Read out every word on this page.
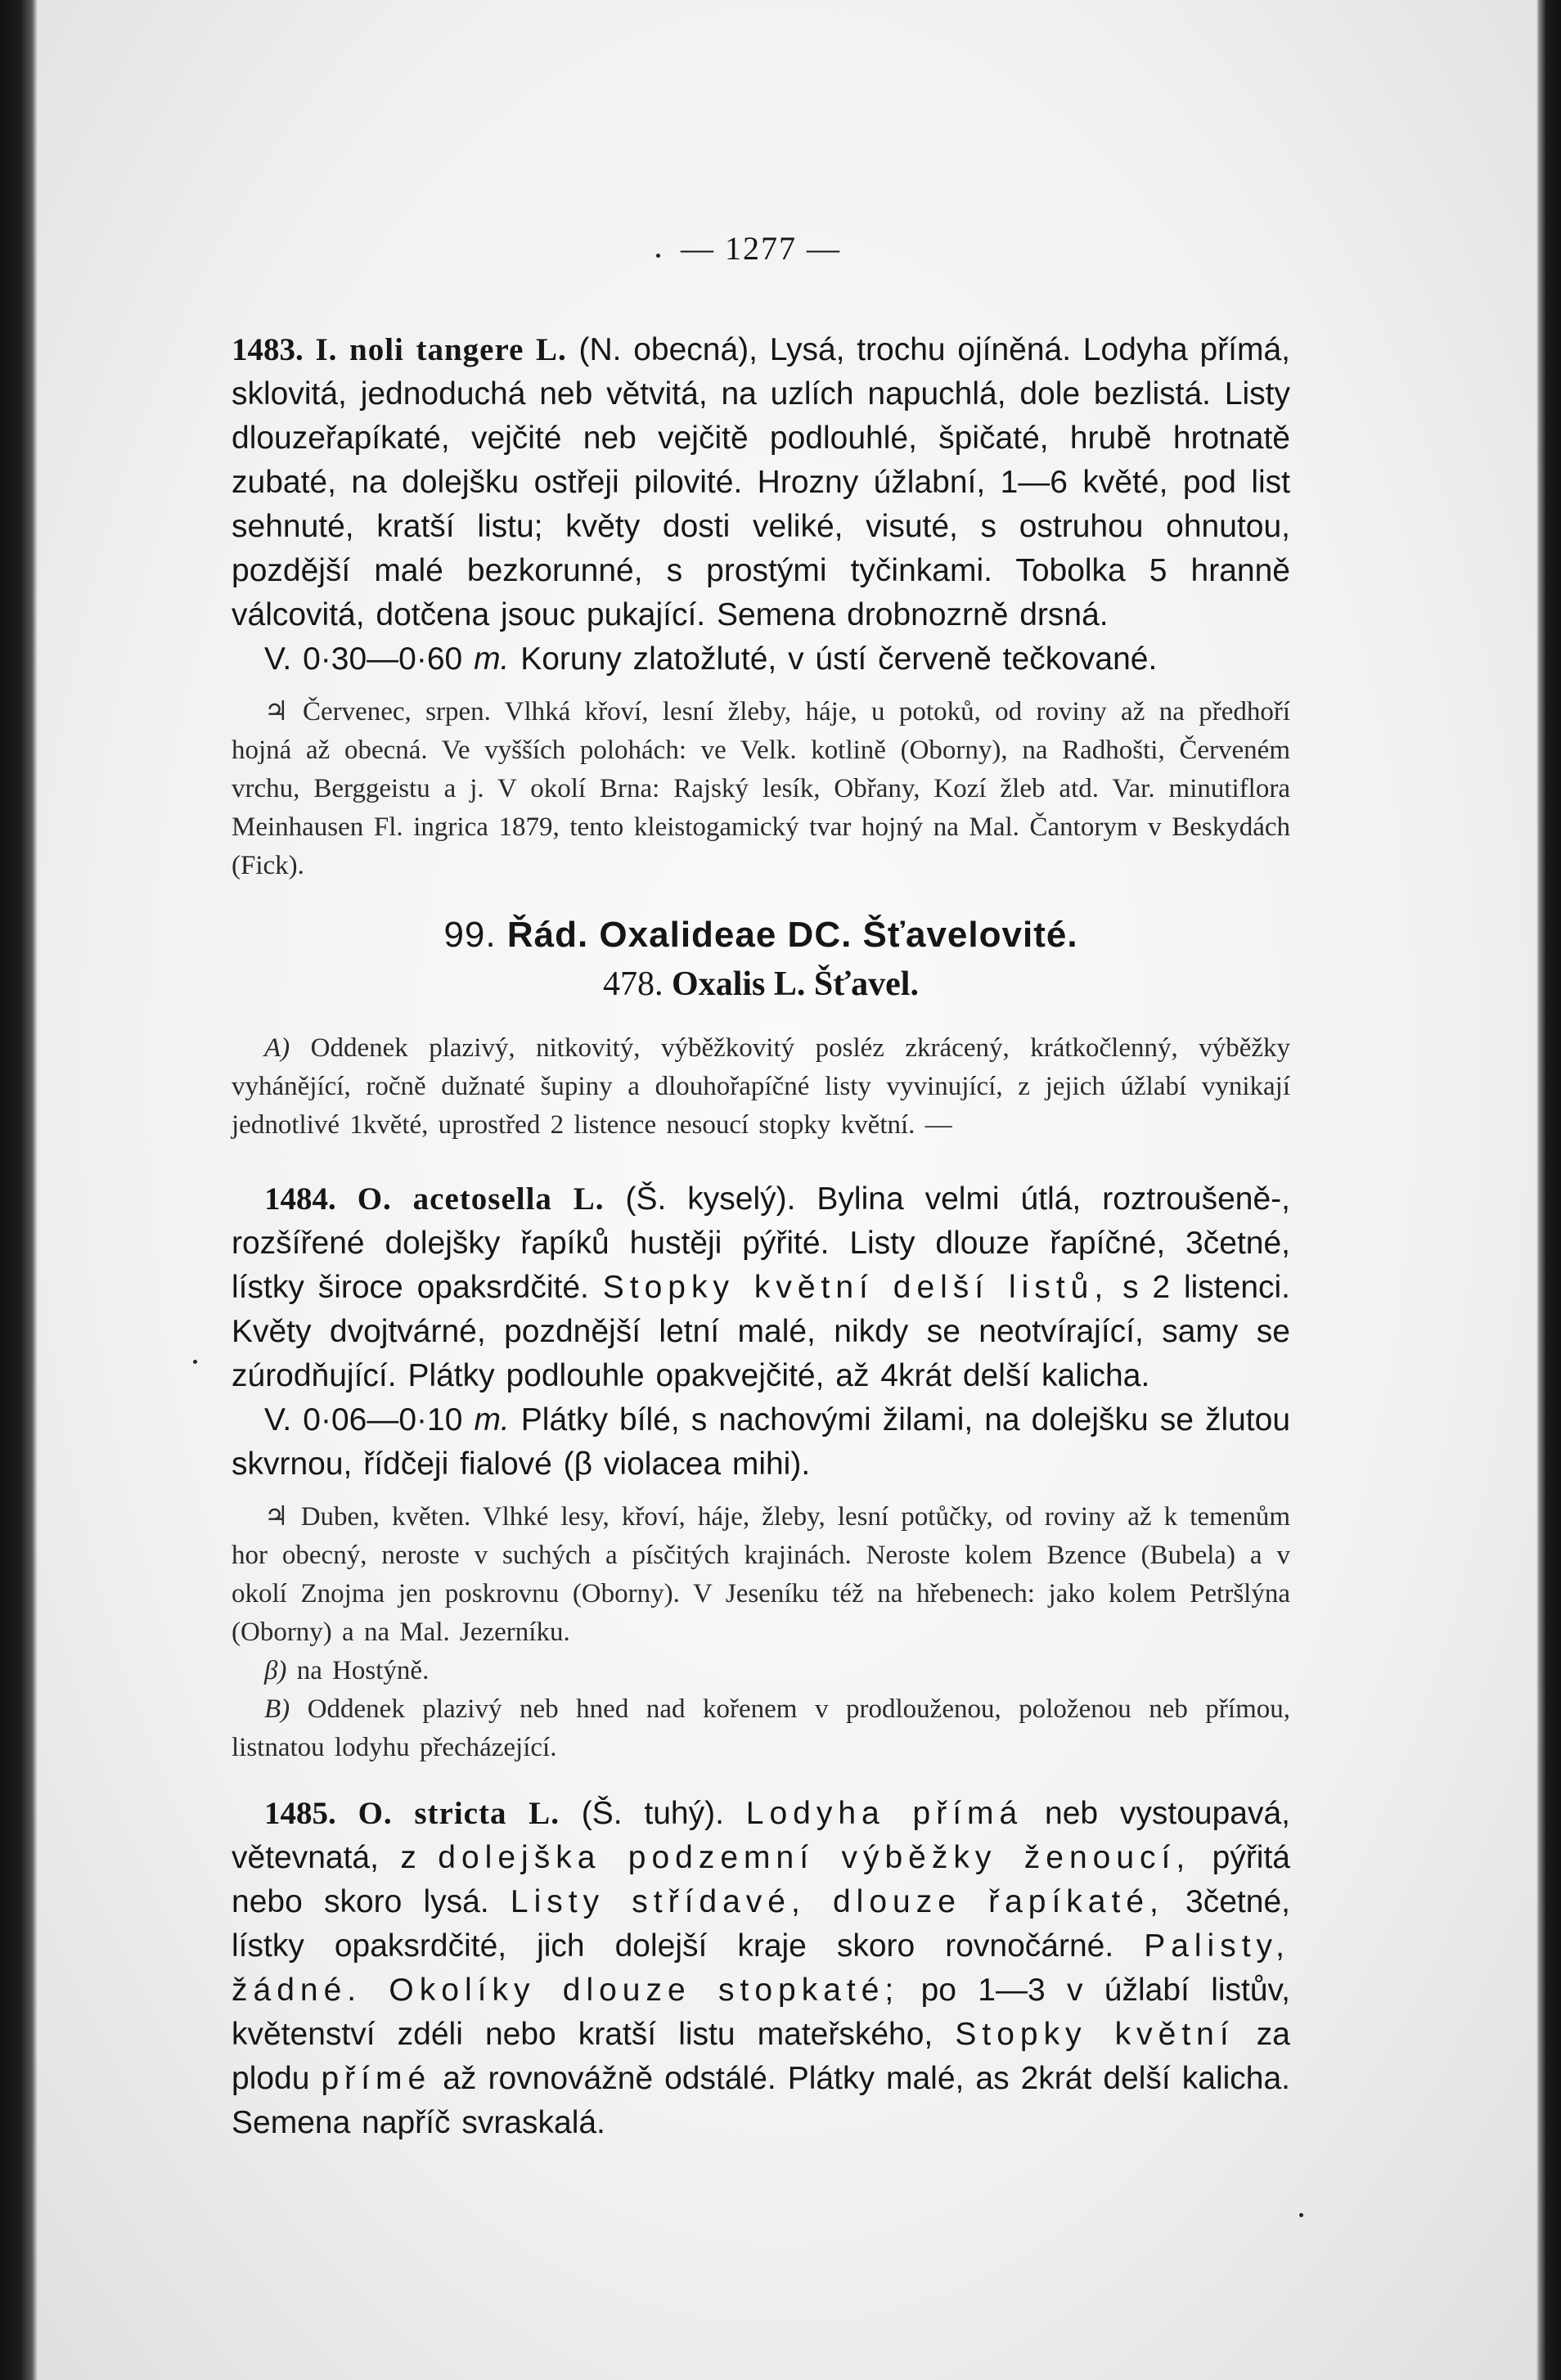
— 1277 —

1483. I. noli tangere L. (N. obecná), Lysá, trochu ojíněná. Lodyha přímá, sklovitá, jednoduchá neb větvitá, na uzlích napuchlá, dole bezlistá. Listy dlouzeřapíkaté, vejčité neb vejčitě podlouhlé, špičaté, hrubě hrotnatě zubaté, na dolejšku ostřeji pilovité. Hrozny úžlabní, 1—6 květé, pod list sehnuté, kratší listu; květy dosti veliké, visuté, s ostruhou ohnutou, pozdější malé bezkorunné, s prostými tyčinkami. Tobolka 5 hranně válcovitá, dotčena jsouc pukající. Semena drobnozrně drsná.

V. 0·30—0·60 m. Koruny zlatožluté, v ústí červeně tečkované.

♃ Červenec, srpen. Vlhká křoví, lesní žleby, háje, u potoků, od roviny až na předhoří hojná až obecná. Ve vyšších polohách: ve Velk. kotlině (Oborny), na Radhošti, Červeném vrchu, Berggeistu a j. V okolí Brna: Rajský lesík, Obřany, Kozí žleb atd. Var. minutiflora Meinhausen Fl. ingrica 1879, tento kleistogamický tvar hojný na Mal. Čantorym v Beskydách (Fick).

99. Řád. Oxalideae DC. Šťavelovité.
478. Oxalis L. Šťavel.

A) Oddenek plazivý, nitkovitý, výběžkovitý posléz zkrácený, krátkočlenný, výběžky vyhánějící, ročně dužnaté šupiny a dlouhořapíčné listy vyvinující, z jejich úžlabí vynikají jednotlivé 1květé, uprostřed 2 listence nesoucí stopky květní. —

1484. O. acetosella L. (Š. kyselý). Bylina velmi útlá, roztroušeně-, rozšířené dolejšky řapíků hustěji pýřité. Listy dlouze řapíčné, 3četné, lístky široce opaksrdčité. Stopky květní delší listů, s 2 listenci. Květy dvojtvárné, pozdnější letní malé, nikdy se neotvírající, samy se zúrodňující. Plátky podlouhle opakvejčité, až 4krát delší kalicha.

V. 0·06—0·10 m. Plátky bílé, s nachovými žilami, na dolejšku se žlutou skvrnou, řídčeji fialové (β violacea mihi).

♃ Duben, květen. Vlhké lesy, křoví, háje, žleby, lesní potůčky, od roviny až k temenům hor obecný, neroste v suchých a písčitých krajinách. Neroste kolem Bzence (Bubela) a v okolí Znojma jen poskrovnu (Oborny). V Jeseníku též na hřebenech: jako kolem Petršlýna (Oborny) a na Mal. Jezerníku.

β) na Hostýně.

B) Oddenek plazivý neb hned nad kořenem v prodlouženou, položenou neb přímou, listnatou lodyhu přecházející.

1485. O. stricta L. (Š. tuhý). Lodyha přímá neb vystoupavá, větevnatá, z dolejška podzemní výběžky ženoucí, pýřitá nebo skoro lysá. Listy střídavé, dlouze řapíkaté, 3četné, lístky opaksrdčité, jich dolejší kraje skoro rovnočárné. Palisty, žádné. Okolíky dlouze stopkaté; po 1—3 v úžlabí listův, květenství zdéli nebo kratší listu mateřského, Stopky květní za plodu přímé až rovnovážně odstálé. Plátky malé, as 2krát delší kalicha. Semena napříč svraskalá.
